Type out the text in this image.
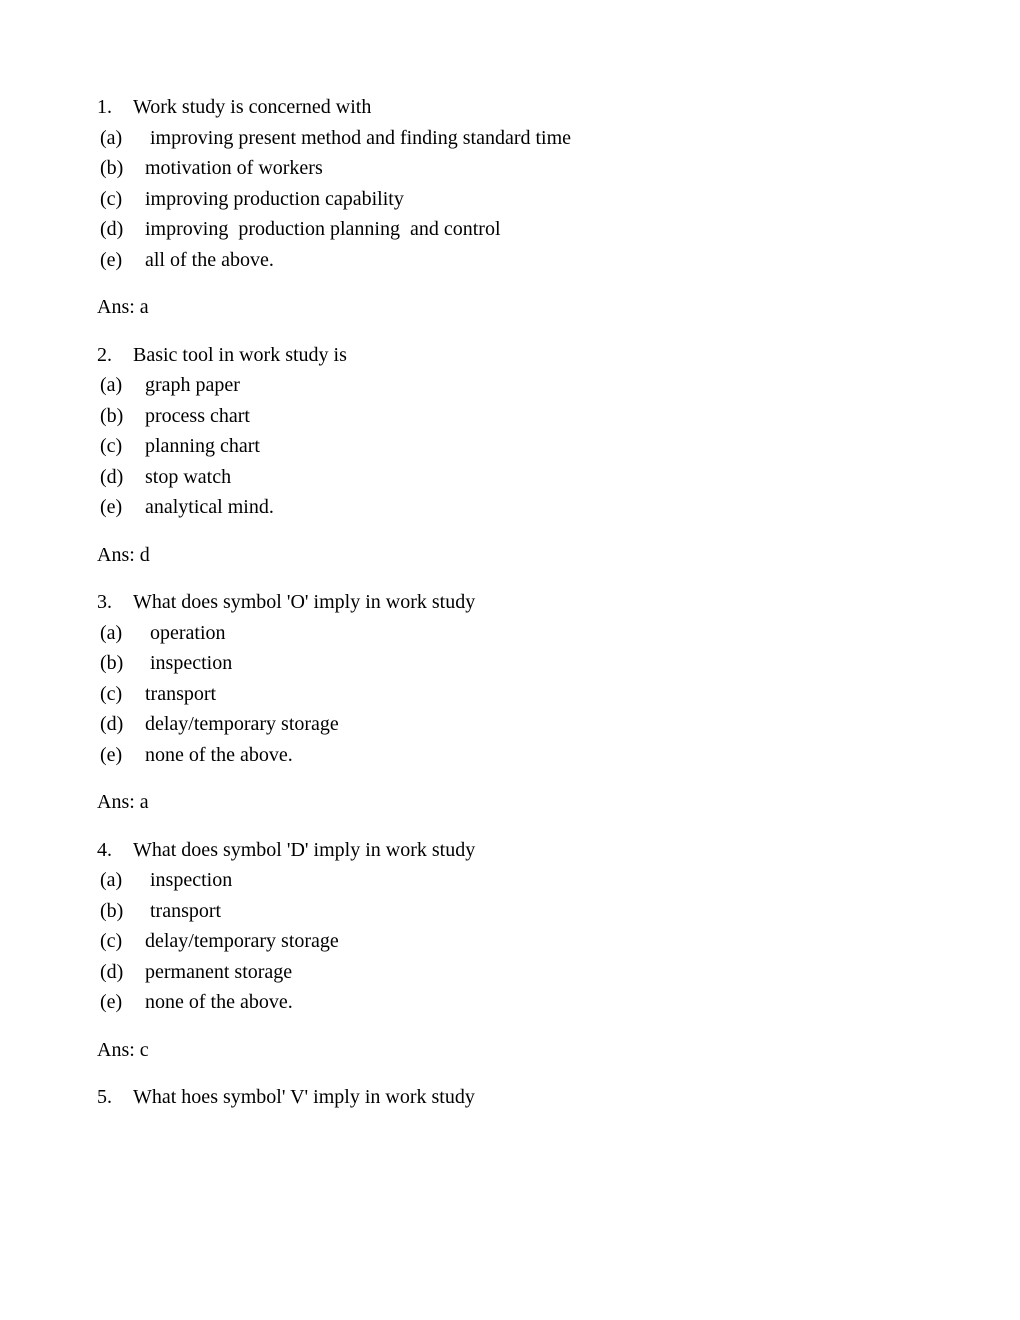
1.	Work study is concerned with
(a)	improving present method and finding standard time
(b)	motivation of workers
(c)	improving production capability
(d)	improving  production planning  and control
(e)	all of the above.
Ans: a
2.	Basic tool in work study is
(a)	graph paper
(b)	process chart
(c)	planning chart
(d)	stop watch
(e)	analytical mind.
Ans: d
3.	What does symbol 'O' imply in work study
(a)	operation
(b)	inspection
(c)	transport
(d)	delay/temporary storage
(e)	none of the above.
Ans: a
4.	What does symbol 'D' imply in work study
(a)	inspection
(b)	transport
(c)	delay/temporary storage
(d)	permanent storage
(e)	none of the above.
Ans: c
5.	What hoes symbol' V' imply in work study
